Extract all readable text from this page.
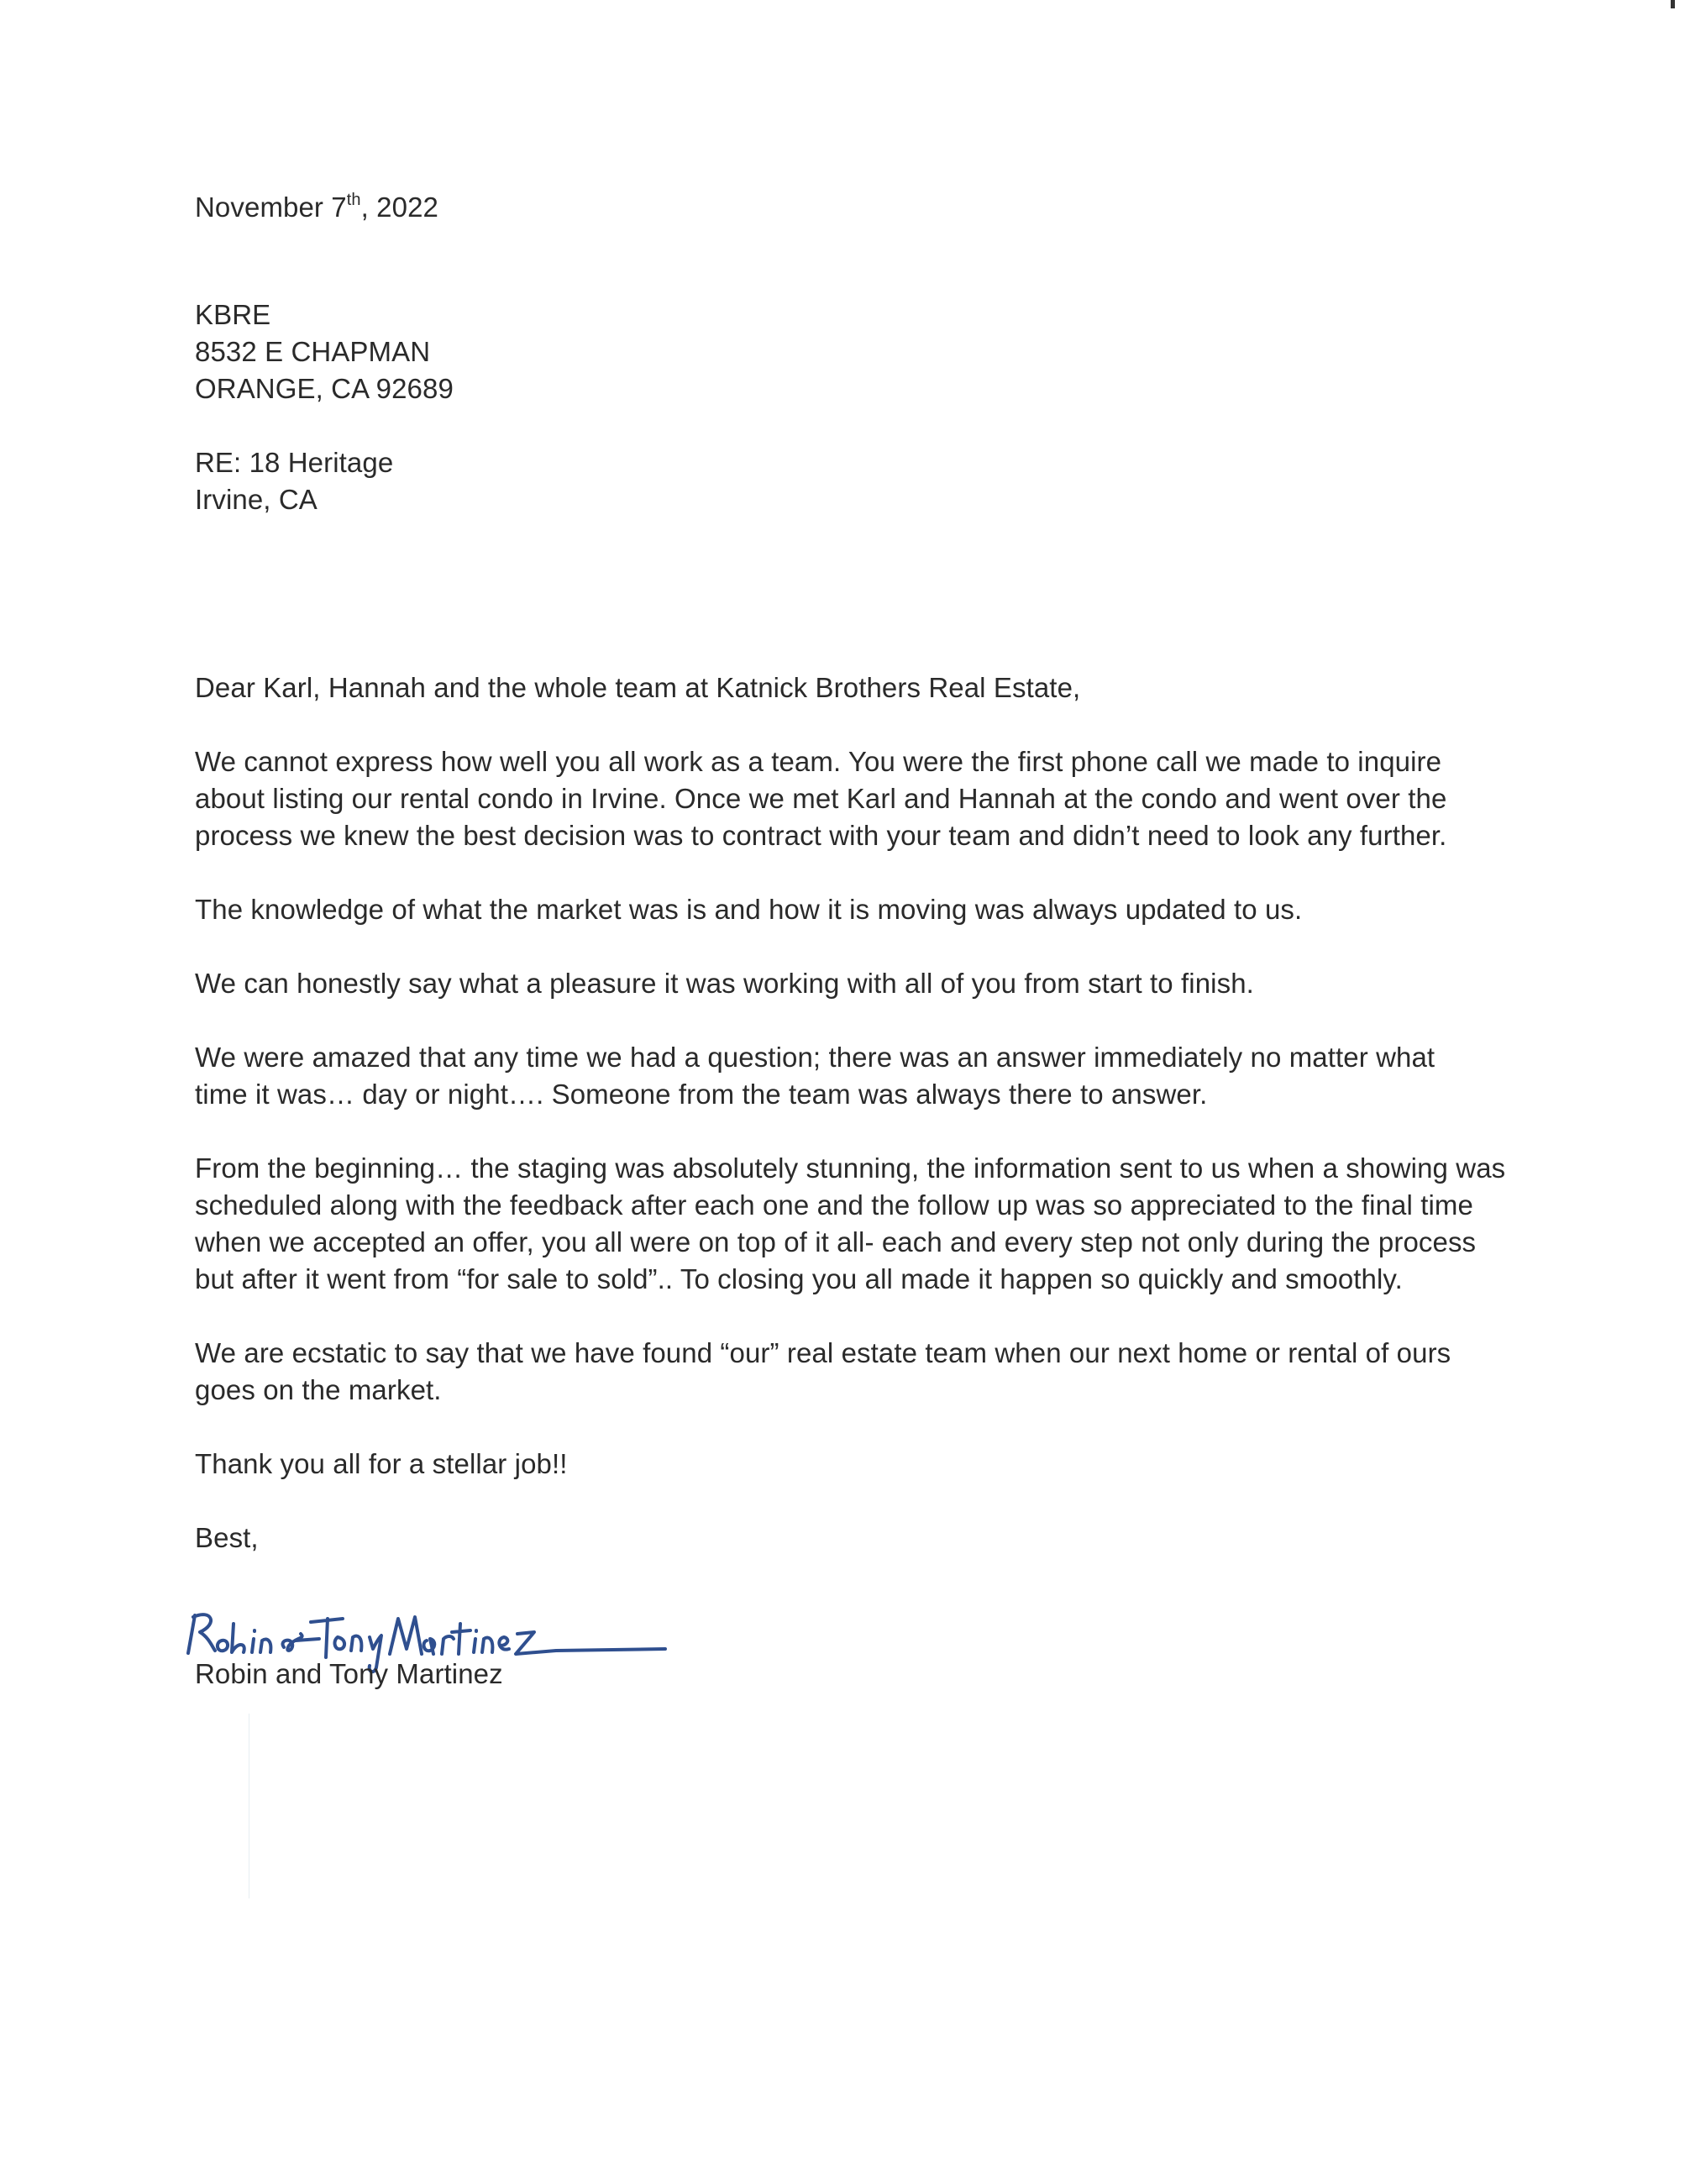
November 7th, 2022
KBRE
8532 E CHAPMAN
ORANGE, CA 92689
RE: 18 Heritage
Irvine, CA
Dear Karl, Hannah and the whole team at Katnick Brothers Real Estate,
We cannot express how well you all work as a team. You were the first phone call we made to inquire about listing our rental condo in Irvine. Once we met Karl and Hannah at the condo and went over the process we knew the best decision was to contract with your team and didn’t need to look any further.
The knowledge of what the market was is and how it is moving was always updated to us.
We can honestly say what a pleasure it was working with all of you from start to finish.
We were amazed that any time we had a question; there was an answer immediately no matter what time it was… day or night…. Someone from the team was always there to answer.
From the beginning… the staging was absolutely stunning, the information sent to us when a showing was scheduled along with the feedback after each one and the follow up was so appreciated to the final time when we accepted an offer, you all were on top of it all- each and every step not only during the process but after it went from “for sale to sold”.. To closing you all made it happen so quickly and smoothly.
We are ecstatic to say that we have found “our” real estate team when our next home or rental of ours goes on the market.
Thank you all for a stellar job!!
Best,
Robin and Tony Martinez
